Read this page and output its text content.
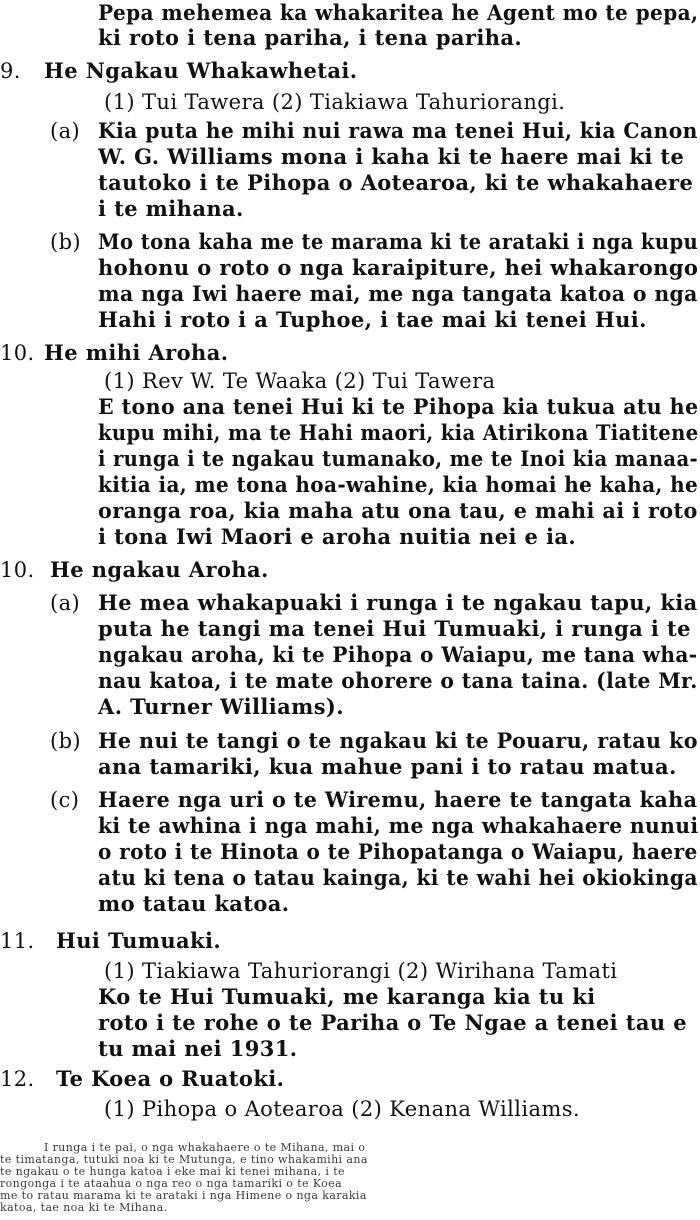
Pepa mehemea ka whakaritea he Agent mo te pepa,
ki roto i tena pariha, i tena pariha.
9. He Ngakau Whakawhetai.
(1) Tui Tawera (2) Tiakiawa Tahuriorangi.
(a) Kia puta he mihi nui rawa ma tenei Hui, kia Canon
W. G. Williams mona i kaha ki te haere mai ki te
tautoko i te Pihopa o Aotearoa, ki te whakahaere
i te mihana.
(b) Mo tona kaha me te marama ki te arataki i nga kupu
hohonu o roto o nga karaipiture, hei whakarongo
ma nga Iwi haere mai, me nga tangata katoa o nga
Hahi i roto i a Tuphoe, i tae mai ki tenei Hui.
10. He mihi Aroha.
(1) Rev W. Te Waaka (2) Tui Tawera
E tono ana tenei Hui ki te Pihopa kia tukua atu he
kupu mihi, ma te Hahi maori, kia Atirikona Tiatitene
i runga i te ngakau tumanako, me te Inoi kia manaa-
kitia ia, me tona hoa-wahine, kia homai he kaha, he
oranga roa, kia maha atu ona tau, e mahi ai i roto
i tona Iwi Maori e aroha nuitia nei e ia.
10. He ngakau Aroha.
(a) He mea whakapuaki i runga i te ngakau tapu, kia
puta he tangi ma tenei Hui Tumuaki, i runga i te
ngakau aroha, ki te Pihopa o Waiapu, me tana wha-
nau katoa, i te mate ohorere o tana taina. (late Mr.
A. Turner Williams).
(b) He nui te tangi o te ngakau ki te Pouaru, ratau ko
ana tamariki, kua mahue pani i to ratau matua.
(c) Haere nga uri o te Wiremu, haere te tangata kaha
ki te awhina i nga mahi, me nga whakahaere nunui
o roto i te Hinota o te Pihopatanga o Waiapu, haere
atu ki tena o tatau kainga, ki te wahi hei okiokinga
mo tatau katoa.
11. Hui Tumuaki.
(1) Tiakiawa Tahuriorangi (2) Wirihana Tamati
Ko te Hui Tumuaki, me karanga kia tu ki
roto i te rohe o te Pariha o Te Ngae a tenei tau e
tu mai nei 1931.
12. Te Koea o Ruatoki.
(1) Pihopa o Aotearoa (2) Kenana Williams.
I runga i te pai, o nga whakahaere o te Mihana, mai o
te timatanga, tutuki noa ki te Mutunga, e tino whakamihi ana
te ngakau o te hunga katoa i eke mai ki tenei mihana, i te
rongonga i te ataahua o nga reo o nga tamariki o te Koea
me to ratau marama ki te arataki i nga Himene o nga karakia
katoa, tae noa ki te Mihana.
